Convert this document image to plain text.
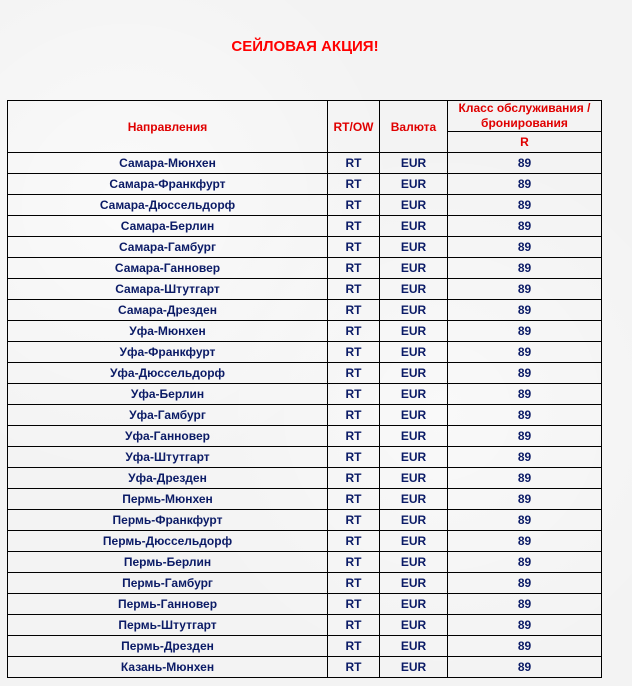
СЕЙЛОВАЯ АКЦИЯ!
Направления	RT/OW	Валюта	Класс обслуживания / бронирования
			R
Самара-Мюнхен	RT	EUR	89
Самара-Франкфурт	RT	EUR	89
Самара-Дюссельдорф	RT	EUR	89
Самара-Берлин	RT	EUR	89
Самара-Гамбург	RT	EUR	89
Самара-Ганновер	RT	EUR	89
Самара-Штутгарт	RT	EUR	89
Самара-Дрезден	RT	EUR	89
Уфа-Мюнхен	RT	EUR	89
Уфа-Франкфурт	RT	EUR	89
Уфа-Дюссельдорф	RT	EUR	89
Уфа-Берлин	RT	EUR	89
Уфа-Гамбург	RT	EUR	89
Уфа-Ганновер	RT	EUR	89
Уфа-Штутгарт	RT	EUR	89
Уфа-Дрезден	RT	EUR	89
Пермь-Мюнхен	RT	EUR	89
Пермь-Франкфурт	RT	EUR	89
Пермь-Дюссельдорф	RT	EUR	89
Пермь-Берлин	RT	EUR	89
Пермь-Гамбург	RT	EUR	89
Пермь-Ганновер	RT	EUR	89
Пермь-Штутгарт	RT	EUR	89
Пермь-Дрезден	RT	EUR	89
Казань-Мюнхен	RT	EUR	89
